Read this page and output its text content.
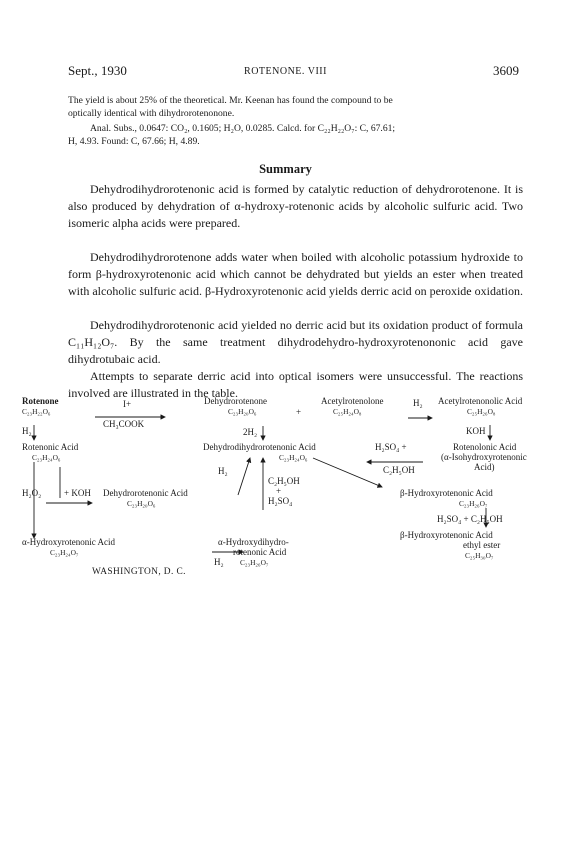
Sept., 1930	ROTENONE. VIII	3609
The yield is about 25% of the theoretical. Mr. Keenan has found the compound to be
optically identical with dihydrorotenonone.
Anal. Subs., 0.0647: CO₂, 0.1605; H₂O, 0.0285. Calcd. for C₂₂H₂₂O₇: C, 67.61;
H, 4.93. Found: C, 67.66; H, 4.89.
Summary
Dehydrodihydrorotenonic acid is formed by catalytic reduction of dehydrorotenone. It is also produced by dehydration of α-hydroxy-rotenonic acids by alcoholic sulfuric acid. Two isomeric alpha acids were prepared.
Dehydrodihydrorotenone adds water when boiled with alcoholic potassium hydroxide to form β-hydroxyrotenonic acid which cannot be dehydrated but yields an ester when treated with alcoholic sulfuric acid. β-Hydroxyrotenonic acid yields derric acid on peroxide oxidation.
Dehydrodihydrorotenonic acid yielded no derric acid but its oxidation product of formula C₁₁H₁₂O₇. By the same treatment dihydrodehydro-hydroxyrotenononic acid gave dihydrotubaic acid.
Attempts to separate derric acid into optical isomers were unsuccessful. The reactions involved are illustrated in the table.
Rotenone
C₂₃H₂₂O₆
I+
CH₃COOK
H₂
Dehydrorotenone
C₂₃H₂₀O₆	+
Acetylrotenolone
C₂₅H₂₄O₈
H₂ Acetylrotenonolic Acid
C₂₅H₂₆O₈
KOH
2H₂
Rotenonic Acid
C₂₃H₂₄O₆
Dehydrodihydrorotenonic Acid
C₂₃H₂₄O₆
H₂SO₄ +
C₂H₅OH
Rotenolonic Acid
(α-Isohydroxyrotenonic
Acid)
H₂
H₂O₂	+ KOH Dehydrorotenonic Acid
C₂₃H₂₀O₆
C₂H₅OH
+
H₂SO₄
β-Hydroxyrotenonic Acid
C₂₃H₂₆O₇
H₂SO₄ + C₂H₅OH
α-Hydroxyrotenonic Acid
C₂₃H₂₄O₇
α-Hydroxydihydro-
rotenonic Acid
C₂₃H₂₆O₇
H₂
β-Hydroxyrotenonic Acid
ethyl ester
C₂₅H₃₀O₇
WASHINGTON, D. C.
